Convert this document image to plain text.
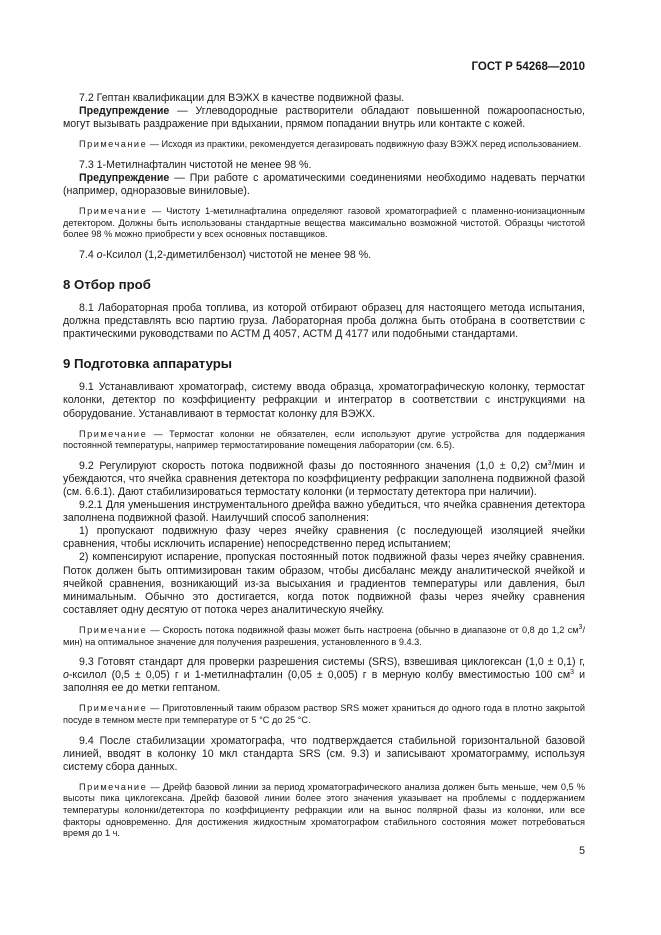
ГОСТ Р 54268—2010

7.2 Гептан квалификации для ВЭЖХ в качестве подвижной фазы.

Предупреждение — Углеводородные растворители обладают повышенной пожароопасностью, могут вызывать раздражение при вдыхании, прямом попадании внутрь или контакте с кожей.

Примечание — Исходя из практики, рекомендуется дегазировать подвижную фазу ВЭЖХ перед использованием.

7.3 1-Метилнафталин чистотой не менее 98 %.

Предупреждение — При работе с ароматическими соединениями необходимо надевать перчатки (например, одноразовые виниловые).

Примечание — Чистоту 1-метилнафталина определяют газовой хроматографией с пламенно-ионизационным детектором. Должны быть использованы стандартные вещества максимально возможной чистотой. Образцы чистотой более 98 % можно приобрести у всех основных поставщиков.

7.4 о-Ксилол (1,2-диметилбензол) чистотой не менее 98 %.

8 Отбор проб

8.1 Лабораторная проба топлива, из которой отбирают образец для настоящего метода испытания, должна представлять всю партию груза. Лабораторная проба должна быть отобрана в соответствии с практическими руководствами по АСТМ Д 4057, АСТМ Д 4177 или подобными стандартами.

9 Подготовка аппаратуры

9.1 Устанавливают хроматограф, систему ввода образца, хроматографическую колонку, термостат колонки, детектор по коэффициенту рефракции и интегратор в соответствии с инструкциями на оборудование. Устанавливают в термостат колонку для ВЭЖХ.

Примечание — Термостат колонки не обязателен, если используют другие устройства для поддержания постоянной температуры, например термостатирование помещения лаборатории (см. 6.5).

9.2 Регулируют скорость потока подвижной фазы до постоянного значения (1,0 ± 0,2) $см^3$/мин и убеждаются, что ячейка сравнения детектора по коэффициенту рефракции заполнена подвижной фазой (см. 6.6.1). Дают стабилизироваться термостату колонки (и термостату детектора при наличии).

9.2.1 Для уменьшения инструментального дрейфа важно убедиться, что ячейка сравнения детектора заполнена подвижной фазой. Наилучший способ заполнения:

1) пропускают подвижную фазу через ячейку сравнения (с последующей изоляцией ячейки сравнения, чтобы исключить испарение) непосредственно перед испытанием;

2) компенсируют испарение, пропуская постоянный поток подвижной фазы через ячейку сравнения. Поток должен быть оптимизирован таким образом, чтобы дисбаланс между аналитической ячейкой и ячейкой сравнения, возникающий из-за высыхания и градиентов температуры или давления, был минимальным. Обычно это достигается, когда поток подвижной фазы через ячейку сравнения составляет одну десятую от потока через аналитическую ячейку.

Примечание — Скорость потока подвижной фазы может быть настроена (обычно в диапазоне от 0,8 до 1,2 $см^3/мин$) на оптимальное значение для получения разрешения, установленного в 9.4.3.

9.3 Готовят стандарт для проверки разрешения системы (SRS), взвешивая циклогексан (1,0 ± 0,1) г, о-ксилол (0,5 ± 0,05) г и 1-метилнафталин (0,05 ± 0,005) г в мерную колбу вместимостью 100 $см^3$ и заполняя ее до метки гептаном.

Примечание — Приготовленный таким образом раствор SRS может храниться до одного года в плотно закрытой посуде в темном месте при температуре от 5 °С до 25 °С.

9.4 После стабилизации хроматографа, что подтверждается стабильной горизонтальной базовой линией, вводят в колонку 10 мкл стандарта SRS (см. 9.3) и записывают хроматограмму, используя систему сбора данных.

Примечание — Дрейф базовой линии за период хроматографического анализа должен быть меньше, чем 0,5 % высоты пика циклогексана. Дрейф базовой линии более этого значения указывает на проблемы с поддержанием температуры колонки/детектора по коэффициенту рефракции или на вынос полярной фазы из колонки, или все факторы одновременно. Для достижения жидкостным хроматографом стабильного состояния может потребоваться время до 1 ч.

5
